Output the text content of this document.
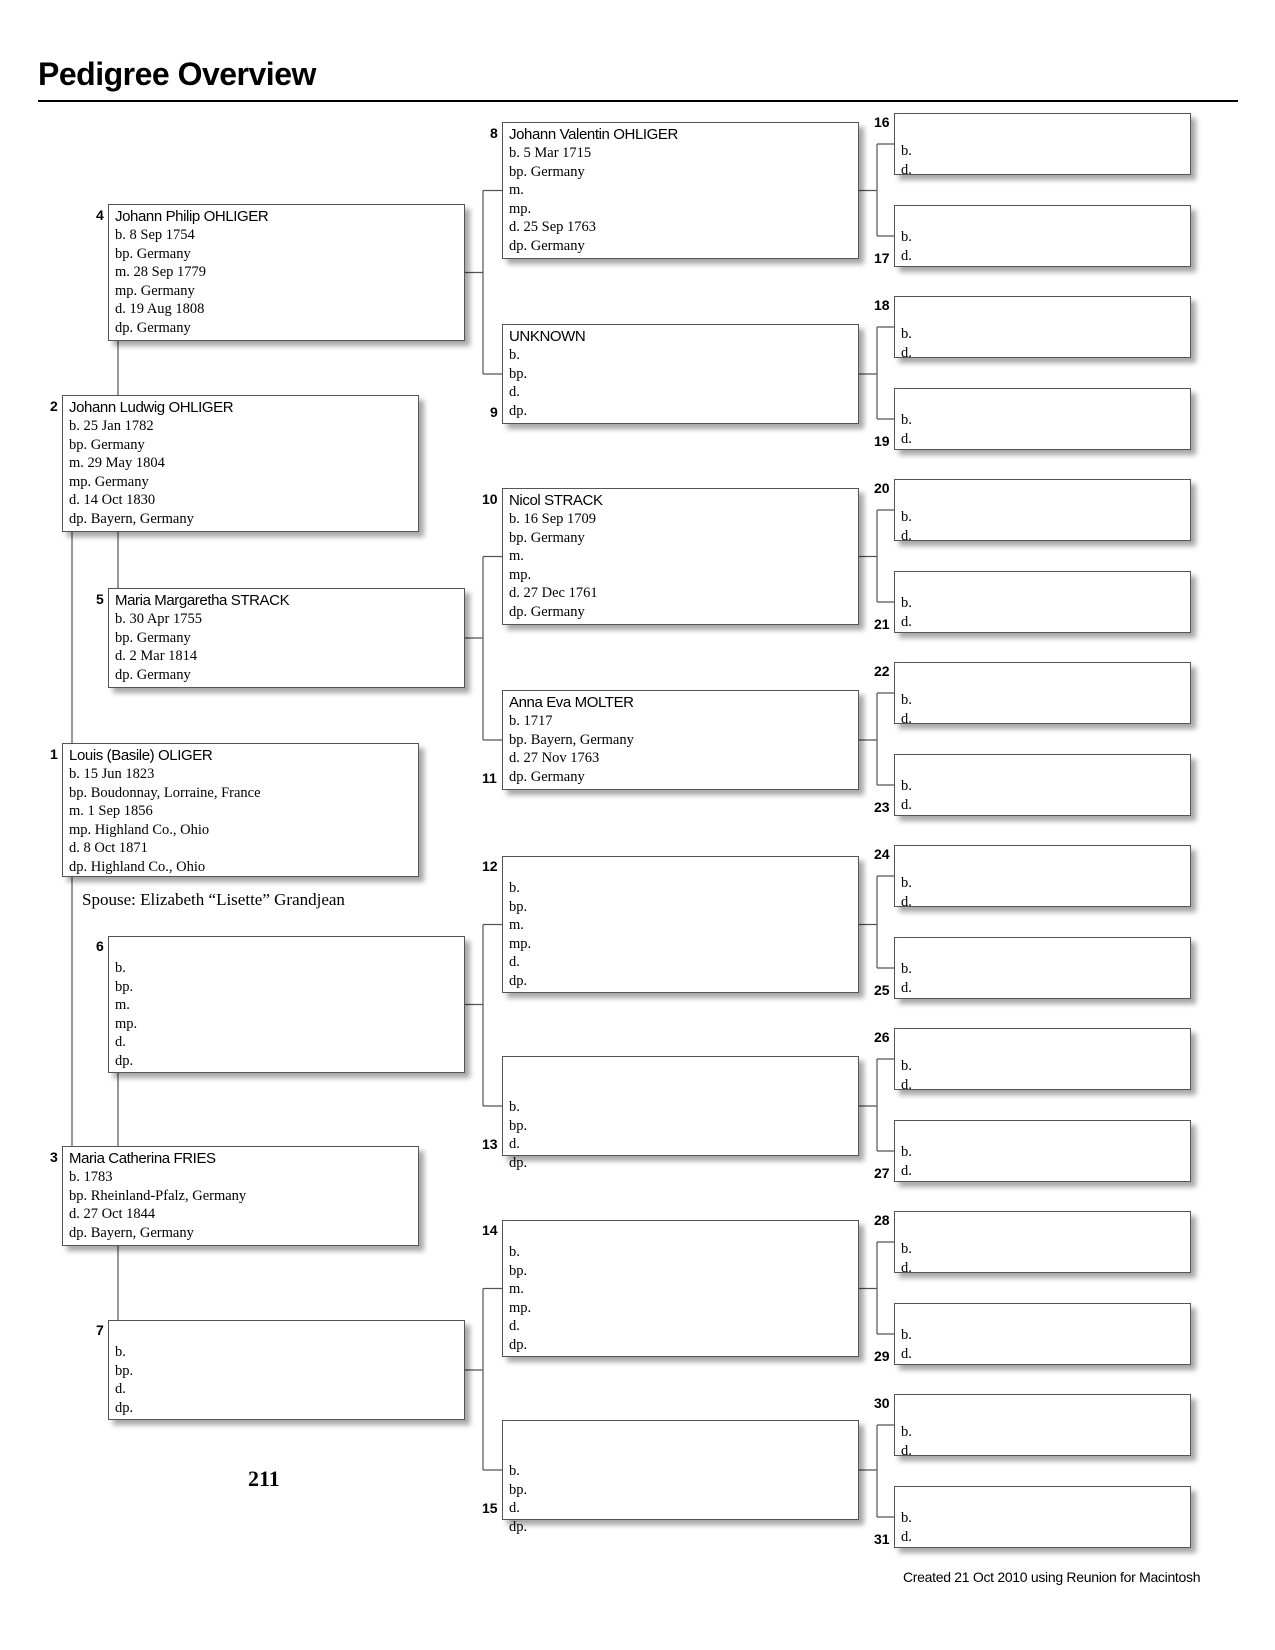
Pedigree Overview
Louis (Basile) OLIGER
b. 15 Jun 1823
bp. Boudonnay, Lorraine, France
m. 1 Sep 1856
mp. Highland Co., Ohio
d. 8 Oct 1871
dp. Highland Co., Ohio
1
Johann Ludwig OHLIGER
b. 25 Jan 1782
bp. Germany
m. 29 May 1804
mp. Germany
d. 14 Oct 1830
dp. Bayern, Germany
2
Maria Catherina FRIES
b. 1783
bp. Rheinland-Pfalz, Germany
d. 27 Oct 1844
dp. Bayern, Germany
3
Johann Philip OHLIGER
b. 8 Sep 1754
bp. Germany
m. 28 Sep 1779
mp. Germany
d. 19 Aug 1808
dp. Germany
4
Maria Margaretha STRACK
b. 30 Apr 1755
bp. Germany
d. 2 Mar 1814
dp. Germany
5
b.
bp.
m.
mp.
d.
dp.
6
b.
bp.
d.
dp.
7
Johann Valentin OHLIGER
b. 5 Mar 1715
bp. Germany
m.
mp.
d. 25 Sep 1763
dp. Germany
8
UNKNOWN
b.
bp.
d.
dp.
9
Nicol STRACK
b. 16 Sep 1709
bp. Germany
m.
mp.
d. 27 Dec 1761
dp. Germany
10
Anna Eva MOLTER
b. 1717
bp. Bayern, Germany
d. 27 Nov 1763
dp. Germany
11
b.
bp.
m.
mp.
d.
dp.
12
b.
bp.
d.
dp.
13
b.
bp.
m.
mp.
d.
dp.
14
b.
bp.
d.
dp.
15
b.
d.
16
b.
d.
17
b.
d.
18
b.
d.
19
b.
d.
20
b.
d.
21
b.
d.
22
b.
d.
23
b.
d.
24
b.
d.
25
b.
d.
26
b.
d.
27
b.
d.
28
b.
d.
29
b.
d.
30
b.
d.
31
Spouse: Elizabeth “Lisette” Grandjean
211
Created 21 Oct 2010 using Reunion for Macintosh
